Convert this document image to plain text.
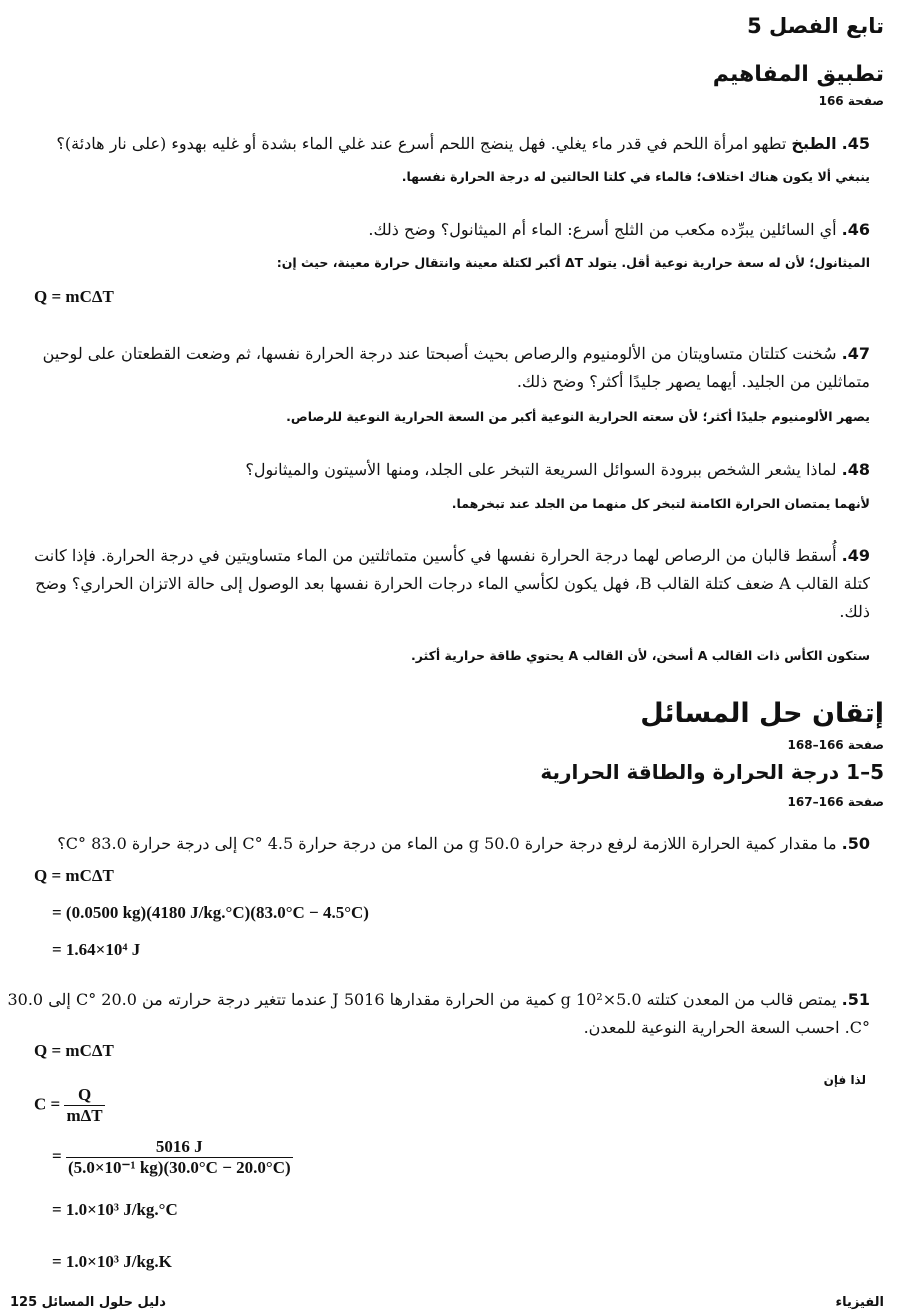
تابع الفصل 5
تطبيق المفاهيم
صفحة 166
45. الطبخ تطهو امرأة اللحم في قدر ماء يغلي. فهل ينضج اللحم أسرع عند غلي الماء بشدة أو غليه بهدوء (على نار هادئة)؟
ينبغي ألا يكون هناك اختلاف؛ فالماء في كلتا الحالتين له درجة الحرارة نفسها.
46. أي السائلين يبرِّده مكعب من الثلج أسرع: الماء أم الميثانول؟ وضح ذلك.
الميثانول؛ لأن له سعة حرارية نوعية أقل. يتولد ΔT أكبر لكتلة معينة وانتقال حرارة معينة، حيث إن:
Q = mCΔT
47. سُخنت كتلتان متساويتان من الألومنيوم والرصاص بحيث أصبحتا عند درجة الحرارة نفسها، ثم وضعت القطعتان على لوحين متماثلين من الجليد. أيهما يصهر جليدًا أكثر؟ وضح ذلك.
يصهر الألومنيوم جليدًا أكثر؛ لأن سعته الحرارية النوعية أكبر من السعة الحرارية النوعية للرصاص.
48. لماذا يشعر الشخص ببرودة السوائل السريعة التبخر على الجلد، ومنها الأسيتون والميثانول؟
لأنهما يمتصان الحرارة الكامنة لتبخر كل منهما من الجلد عند تبخرهما.
49. أُسقط قالبان من الرصاص لهما درجة الحرارة نفسها في كأسين متماثلتين من الماء متساويتين في درجة الحرارة. فإذا كانت كتلة القالب A ضعف كتلة القالب B، فهل يكون لكأسي الماء درجات الحرارة نفسها بعد الوصول إلى حالة الاتزان الحراري؟ وضح ذلك.
ستكون الكأس ذات القالب A أسخن، لأن القالب A يحتوي طاقة حرارية أكثر.
إتقان حل المسائل
صفحة 166–168
5–1 درجة الحرارة والطاقة الحرارية
صفحة 166–167
50. ما مقدار كمية الحرارة اللازمة لرفع درجة حرارة 50.0 g من الماء من درجة حرارة 4.5 °C إلى درجة حرارة 83.0 °C؟
Q = mCΔT
= (0.0500 kg)(4180 J/kg.°C)(83.0°C − 4.5°C)
= 1.64×10⁴ J
51. يمتص قالب من المعدن كتلته 5.0×10² g كمية من الحرارة مقدارها 5016 J عندما تتغير درجة حرارته من 20.0 °C إلى 30.0 °C. احسب السعة الحرارية النوعية للمعدن.
Q = mCΔT
لذا فإن
$C = \frac{Q}{\text{mΔT}}$
= $\frac{5016 J}{\text{(5.0×10⁻¹ kg)(30.0°C − 20.0°C)}}$
= 1.0×10³ J/kg.°C
= 1.0×10³ J/kg.K
الفيزياء
دليل حلول المسائل 125
